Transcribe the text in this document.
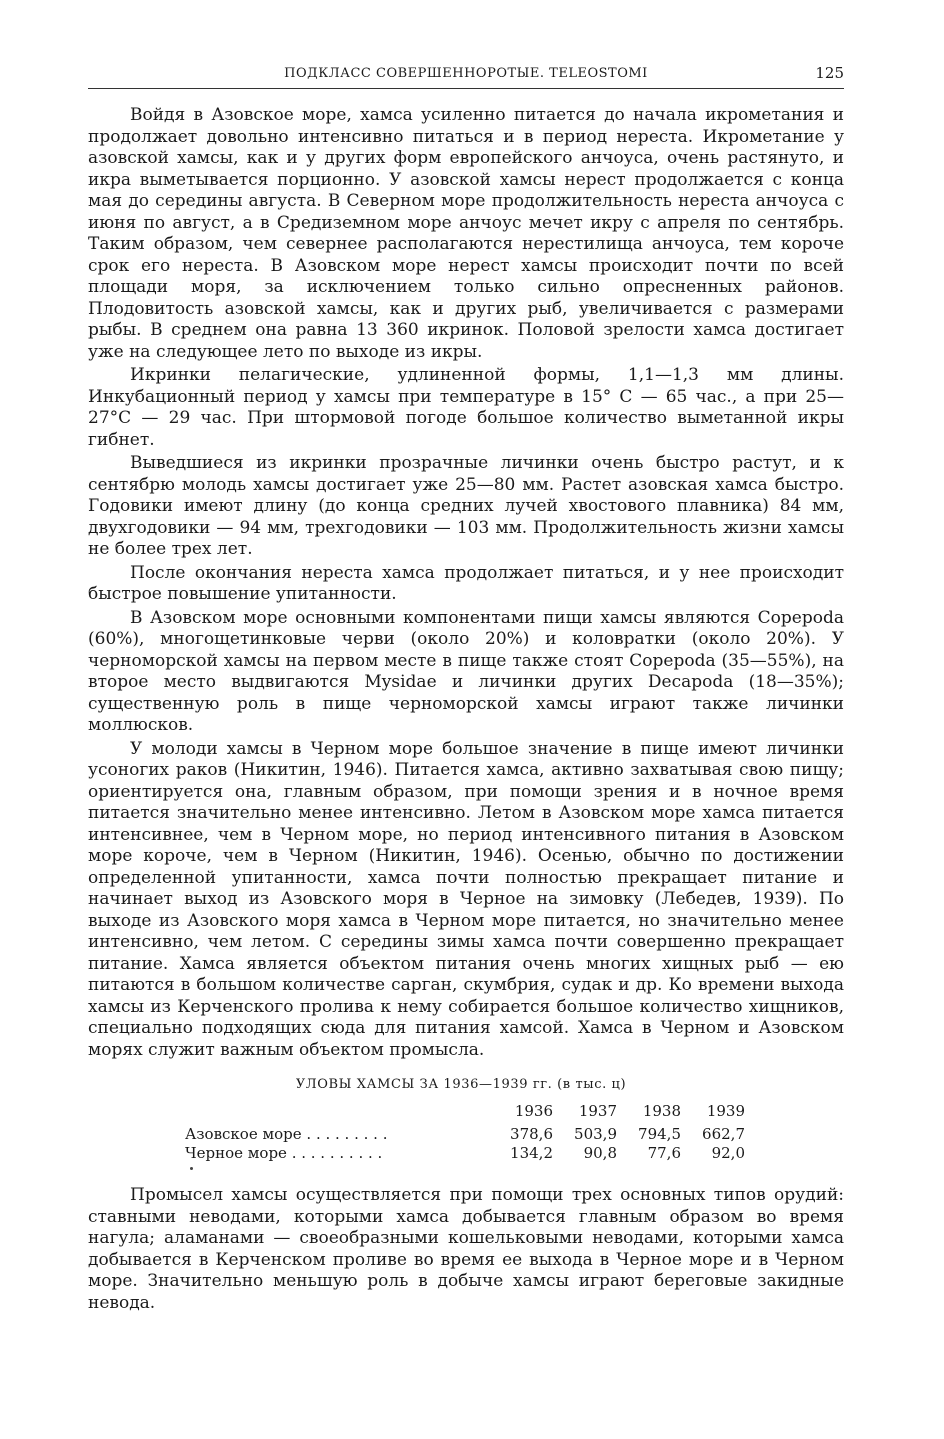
ПОДКЛАСС СОВЕРШЕННОРОТЫЕ. TELEOSTOMI	125

Войдя в Азовское море, хамса усиленно питается до начала икрометания и продолжает довольно интенсивно питаться и в период нереста. Икрометание у азовской хамсы, как и у других форм европейского анчоуса, очень растянуто, и икра выметывается порционно. У азовской хамсы нерест продолжается с конца мая до середины августа. В Северном море продолжительность нереста анчоуса с июня по август, а в Средиземном море анчоус мечет икру с апреля по сентябрь. Таким образом, чем севернее располагаются нерестилища анчоуса, тем короче срок его нереста. В Азовском море нерест хамсы происходит почти по всей площади моря, за исключением только сильно опресненных районов. Плодовитость азовской хамсы, как и других рыб, увеличивается с размерами рыбы. В среднем она равна 13 360 икринок. Половой зрелости хамса достигает уже на следующее лето по выходе из икры.

Икринки пелагические, удлиненной формы, 1,1—1,3 мм длины. Инкубационный период у хамсы при температуре в 15° С — 65 час., а при 25—27°С — 29 час. При штормовой погоде большое количество выметанной икры гибнет.

Выведшиеся из икринки прозрачные личинки очень быстро растут, и к сентябрю молодь хамсы достигает уже 25—80 мм. Растет азовская хамса быстро. Годовики имеют длину (до конца средних лучей хвостового плавника) 84 мм, двухгодовики — 94 мм, трехгодовики — 103 мм. Продолжительность жизни хамсы не более трех лет.

После окончания нереста хамса продолжает питаться, и у нее происходит быстрое повышение упитанности.

В Азовском море основными компонентами пищи хамсы являются Copepoda (60%), многощетинковые черви (около 20%) и коловратки (около 20%). У черноморской хамсы на первом месте в пище также стоят Copepoda (35—55%), на второе место выдвигаются Mysidae и личинки других Decapoda (18—35%); существенную роль в пище черноморской хамсы играют также личинки моллюсков.

У молоди хамсы в Черном море большое значение в пище имеют личинки усоногих раков (Никитин, 1946). Питается хамса, активно захватывая свою пищу; ориентируется она, главным образом, при помощи зрения и в ночное время питается значительно менее интенсивно. Летом в Азовском море хамса питается интенсивнее, чем в Черном море, но период интенсивного питания в Азовском море короче, чем в Черном (Никитин, 1946). Осенью, обычно по достижении определенной упитанности, хамса почти полностью прекращает питание и начинает выход из Азовского моря в Черное на зимовку (Лебедев, 1939). По выходе из Азовского моря хамса в Черном море питается, но значительно менее интенсивно, чем летом. С середины зимы хамса почти совершенно прекращает питание. Хамса является объектом питания очень многих хищных рыб — ею питаются в большом количестве сарган, скумбрия, судак и др. Ко времени выхода хамсы из Керченского пролива к нему собирается большое количество хищников, специально подходящих сюда для питания хамсой. Хамса в Черном и Азовском морях служит важным объектом промысла.

УЛОВЫ ХАМСЫ ЗА 1936—1939 гг. (в тыс. ц)
	1936	1937	1938	1939
Азовское море . . . . . . . . .	378,6	503,9	794,5	662,7
Черное море . . . . . . . . . .	134,2	90,8	77,6	92,0

Промысел хамсы осуществляется при помощи трех основных типов орудий: ставными неводами, которыми хамса добывается главным образом во время нагула; аламанами — своеобразными кошельковыми неводами, которыми хамса добывается в Керченском проливе во время ее выхода в Черное море и в Черном море. Значительно меньшую роль в добыче хамсы играют береговые закидные невода.
